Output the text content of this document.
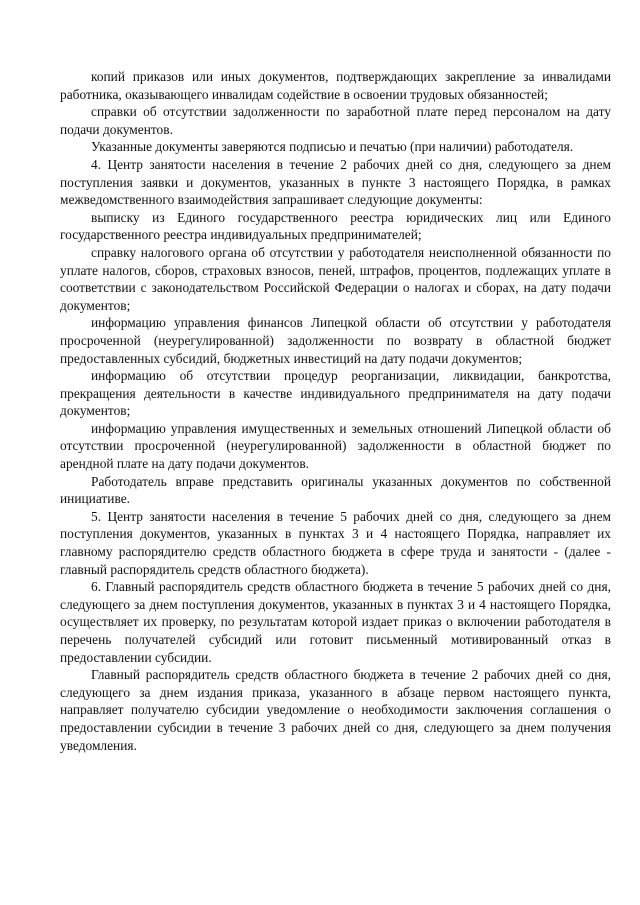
копий приказов или иных документов, подтверждающих закрепление за инвалидами работника, оказывающего инвалидам содействие в освоении трудовых обязанностей;

справки об отсутствии задолженности по заработной плате перед персоналом на дату подачи документов.

Указанные документы заверяются подписью и печатью (при наличии) работодателя.

4. Центр занятости населения в течение 2 рабочих дней со дня, следующего за днем поступления заявки и документов, указанных в пункте 3 настоящего Порядка, в рамках межведомственного взаимодействия запрашивает следующие документы:

выписку из Единого государственного реестра юридических лиц или Единого государственного реестра индивидуальных предпринимателей;

справку налогового органа об отсутствии у работодателя неисполненной обязанности по уплате налогов, сборов, страховых взносов, пеней, штрафов, процентов, подлежащих уплате в соответствии с законодательством Российской Федерации о налогах и сборах, на дату подачи документов;

информацию управления финансов Липецкой области об отсутствии у работодателя просроченной (неурегулированной) задолженности по возврату в областной бюджет предоставленных субсидий, бюджетных инвестиций на дату подачи документов;

информацию об отсутствии процедур реорганизации, ликвидации, банкротства, прекращения деятельности в качестве индивидуального предпринимателя на дату подачи документов;

информацию управления имущественных и земельных отношений Липецкой области об отсутствии просроченной (неурегулированной) задолженности в областной бюджет по арендной плате на дату подачи документов.

Работодатель вправе представить оригиналы указанных документов по собственной инициативе.

5. Центр занятости населения в течение 5 рабочих дней со дня, следующего за днем поступления документов, указанных в пунктах 3 и 4 настоящего Порядка, направляет их главному распорядителю средств областного бюджета в сфере труда и занятости - (далее - главный распорядитель средств областного бюджета).

6. Главный распорядитель средств областного бюджета в течение 5 рабочих дней со дня, следующего за днем поступления документов, указанных в пунктах 3 и 4 настоящего Порядка, осуществляет их проверку, по результатам которой издает приказ о включении работодателя в перечень получателей субсидий или готовит письменный мотивированный отказ в предоставлении субсидии.

Главный распорядитель средств областного бюджета в течение 2 рабочих дней со дня, следующего за днем издания приказа, указанного в абзаце первом настоящего пункта, направляет получателю субсидии уведомление о необходимости заключения соглашения о предоставлении субсидии в течение 3 рабочих дней со дня, следующего за днем получения уведомления.
